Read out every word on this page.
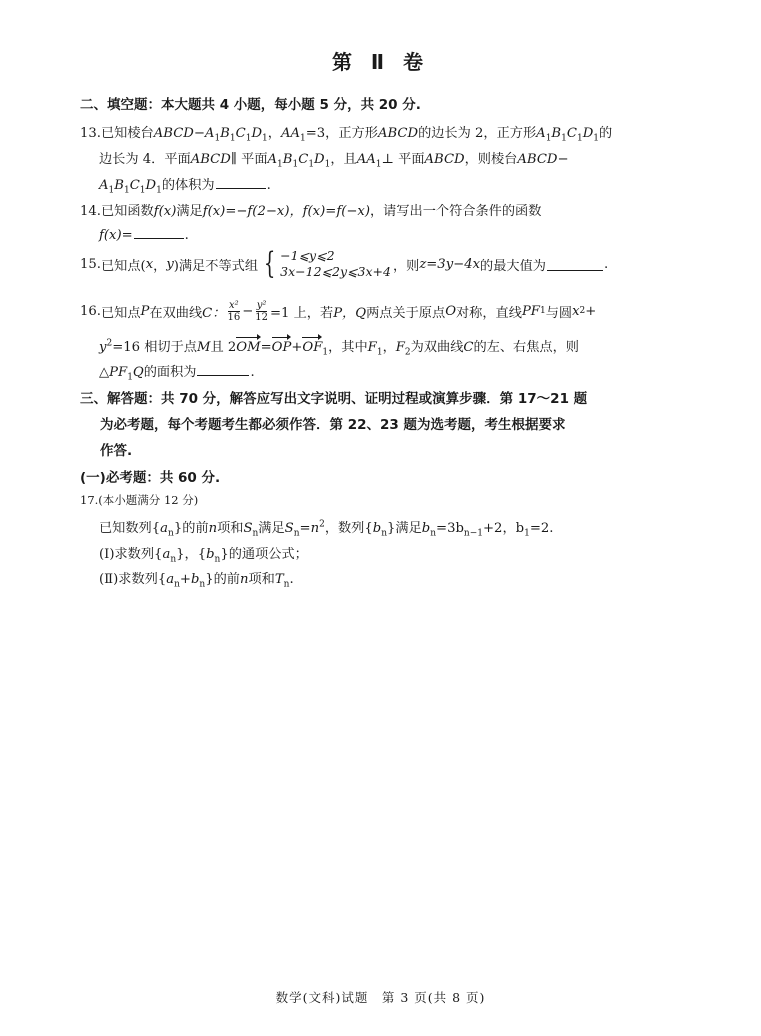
第 Ⅱ 卷
二、填空题：本大题共 4 小题，每小题 5 分，共 20 分.
13.已知棱台$ABCD-A_1B_1C_1D_1$，$AA_1=3$，正方形ABCD的边长为 2，正方形$A_1B_1C_1D_1$的
边长为 4．平面ABCD∥ 平面$A_1B_1C_1D_1$，且$AA_1\perp$ 平面ABCD，则棱台ABCD−
$A_1B_1C_1D_1$的体积为	.
14.已知函数f(x)满足f(x)=−f(2−x)，f(x)=f(−x)，请写出一个符合条件的函数
f(x)=	.
15. 已知点( x ， y )满足不等式组 { −1⩽y⩽2
3x−12⩽2y⩽3x+4 ，则 z=3y−4x 的最大值为	.
16. 已知点 P 在双曲线 C： $\frac{\text{x²}}{16} - \frac{\text{y²}}{12} =1$ 上，若 P，Q 两点关于原点 O 对称，直线 PF 1 与圆 x 2 +
$y^2=16$ 相切于点M且 $2OM=OP+OF_1$，其中$F_1$，$F_2$为双曲线C的左、右焦点，则
$\triangle PF_1Q$的面积为	.
三、解答题：共 70 分，解答应写出文字说明、证明过程或演算步骤．第 17～21 题
为必考题，每个考题考生都必须作答．第 22、23 题为选考题，考生根据要求
作答.
(一)必考题：共 60 分.
17.(本小题满分 12 分)
已知数列$\{a_n\}$的前n项和$S_n$满足$S_n=n^2$，数列$\{b_n\}$满足$b_n=3b_{n-1}+2$，$b_1=2$.
(Ⅰ)求数列$\{a_n\}$，$\{b_n\}$的通项公式；
(Ⅱ)求数列$\{a_n+b_n\}$的前n项和$T_n$.
数学(文科)试题　第 3 页(共 8 页)
